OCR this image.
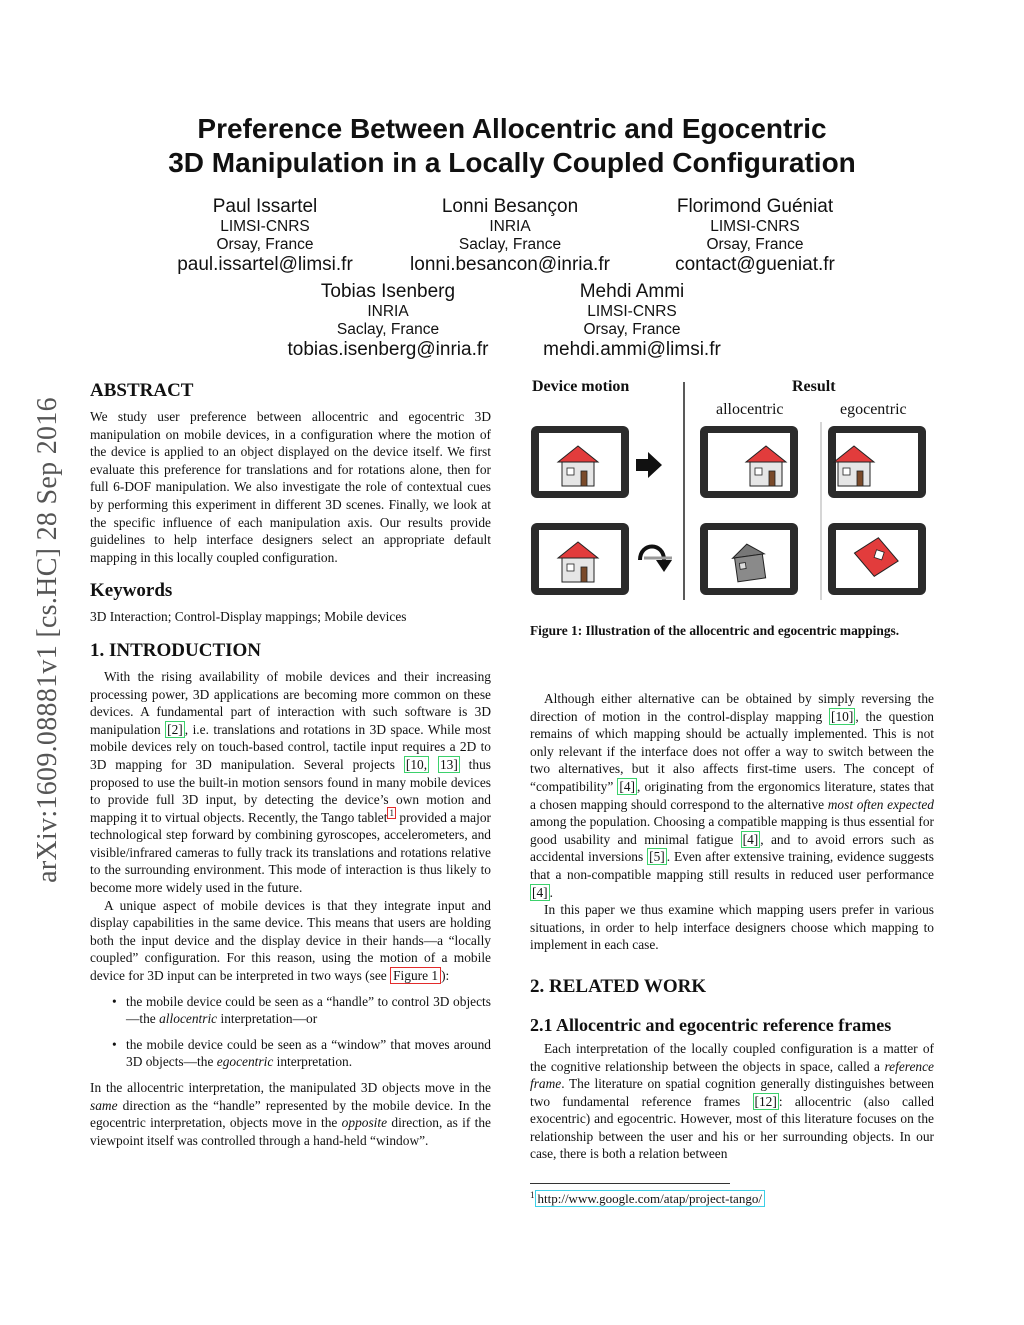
arXiv:1609.08881v1 [cs.HC] 28 Sep 2016
Preference Between Allocentric and Egocentric
3D Manipulation in a Locally Coupled Configuration
Paul Issartel
LIMSI-CNRS
Orsay, France
paul.issartel@limsi.fr
Lonni Besançon
INRIA
Saclay, France
lonni.besancon@inria.fr
Florimond Guéniat
LIMSI-CNRS
Orsay, France
contact@gueniat.fr
Tobias Isenberg
INRIA
Saclay, France
tobias.isenberg@inria.fr
Mehdi Ammi
LIMSI-CNRS
Orsay, France
mehdi.ammi@limsi.fr
ABSTRACT

We study user preference between allocentric and egocentric 3D manipulation on mobile devices, in a configuration where the motion of the device is applied to an object displayed on the device itself. We first evaluate this preference for translations and for rotations alone, then for full 6-DOF manipulation. We also investigate the role of contextual cues by performing this experiment in different 3D scenes. Finally, we look at the specific influence of each manipulation axis. Our results provide guidelines to help interface designers select an appropriate default mapping in this locally coupled configuration.

Keywords

3D Interaction; Control-Display mappings; Mobile devices

1. INTRODUCTION

With the rising availability of mobile devices and their increasing processing power, 3D applications are becoming more common on these devices. A fundamental part of interaction with such software is 3D manipulation [2] , i.e. translations and rotations in 3D space. While most mobile devices rely on touch-based control, tactile input requires a 2D to 3D mapping for 3D manipulation. Several projects [10, 13] thus proposed to use the built-in motion sensors found in many mobile devices to provide full 3D input, by detecting the device’s own motion and mapping it to virtual objects. Recently, the Tango tablet $^1$ provided a major technological step forward by combining gyroscopes, accelerometers, and visible/infrared cameras to fully track its translations and rotations relative to the surrounding environment. This mode of interaction is thus likely to become more widely used in the future.

A unique aspect of mobile devices is that they integrate input and display capabilities in the same device. This means that users are holding both the input device and the display device in their hands—a “locally coupled” configuration. For this reason, using the motion of a mobile device for 3D input can be interpreted in two ways (see Figure 1 ):

• the mobile device could be seen as a “handle” to control 3D objects—the allocentric interpretation—or
• the mobile device could be seen as a “window” that moves around 3D objects—the egocentric interpretation.

In the allocentric interpretation, the manipulated 3D objects move in the same direction as the “handle” represented by the mobile device. In the egocentric interpretation, objects move in the opposite direction, as if the viewpoint itself was controlled through a hand-held “window”.

Device motion	Result
allocentric	egocentric
Figure 1: Illustration of the allocentric and egocentric mappings.

Although either alternative can be obtained by simply reversing the direction of motion in the control-display mapping [10] , the question remains of which mapping should be actually implemented. This is not only relevant if the interface does not offer a way to switch between the two alternatives, but it also affects first-time users. The concept of “compatibility” [4] , originating from the ergonomics literature, states that a chosen mapping should correspond to the alternative most often expected among the population. Choosing a compatible mapping is thus essential for good usability and minimal fatigue [4] , and to avoid errors such as accidental inversions [5] . Even after extensive training, evidence suggests that a non-compatible mapping still results in reduced user performance [4] .

In this paper we thus examine which mapping users prefer in various situations, in order to help interface designers choose which mapping to implement in each case.

2. RELATED WORK
2.1 Allocentric and egocentric reference frames

Each interpretation of the locally coupled configuration is a matter of the cognitive relationship between the objects in space, called a reference frame. The literature on spatial cognition generally distinguishes between two fundamental reference frames [12] : allocentric (also called exocentric) and egocentric. However, most of this literature focuses on the relationship between the user and his or her surrounding objects. In our case, there is both a relation between

$^1$ http://www.google.com/atap/project-tango/
